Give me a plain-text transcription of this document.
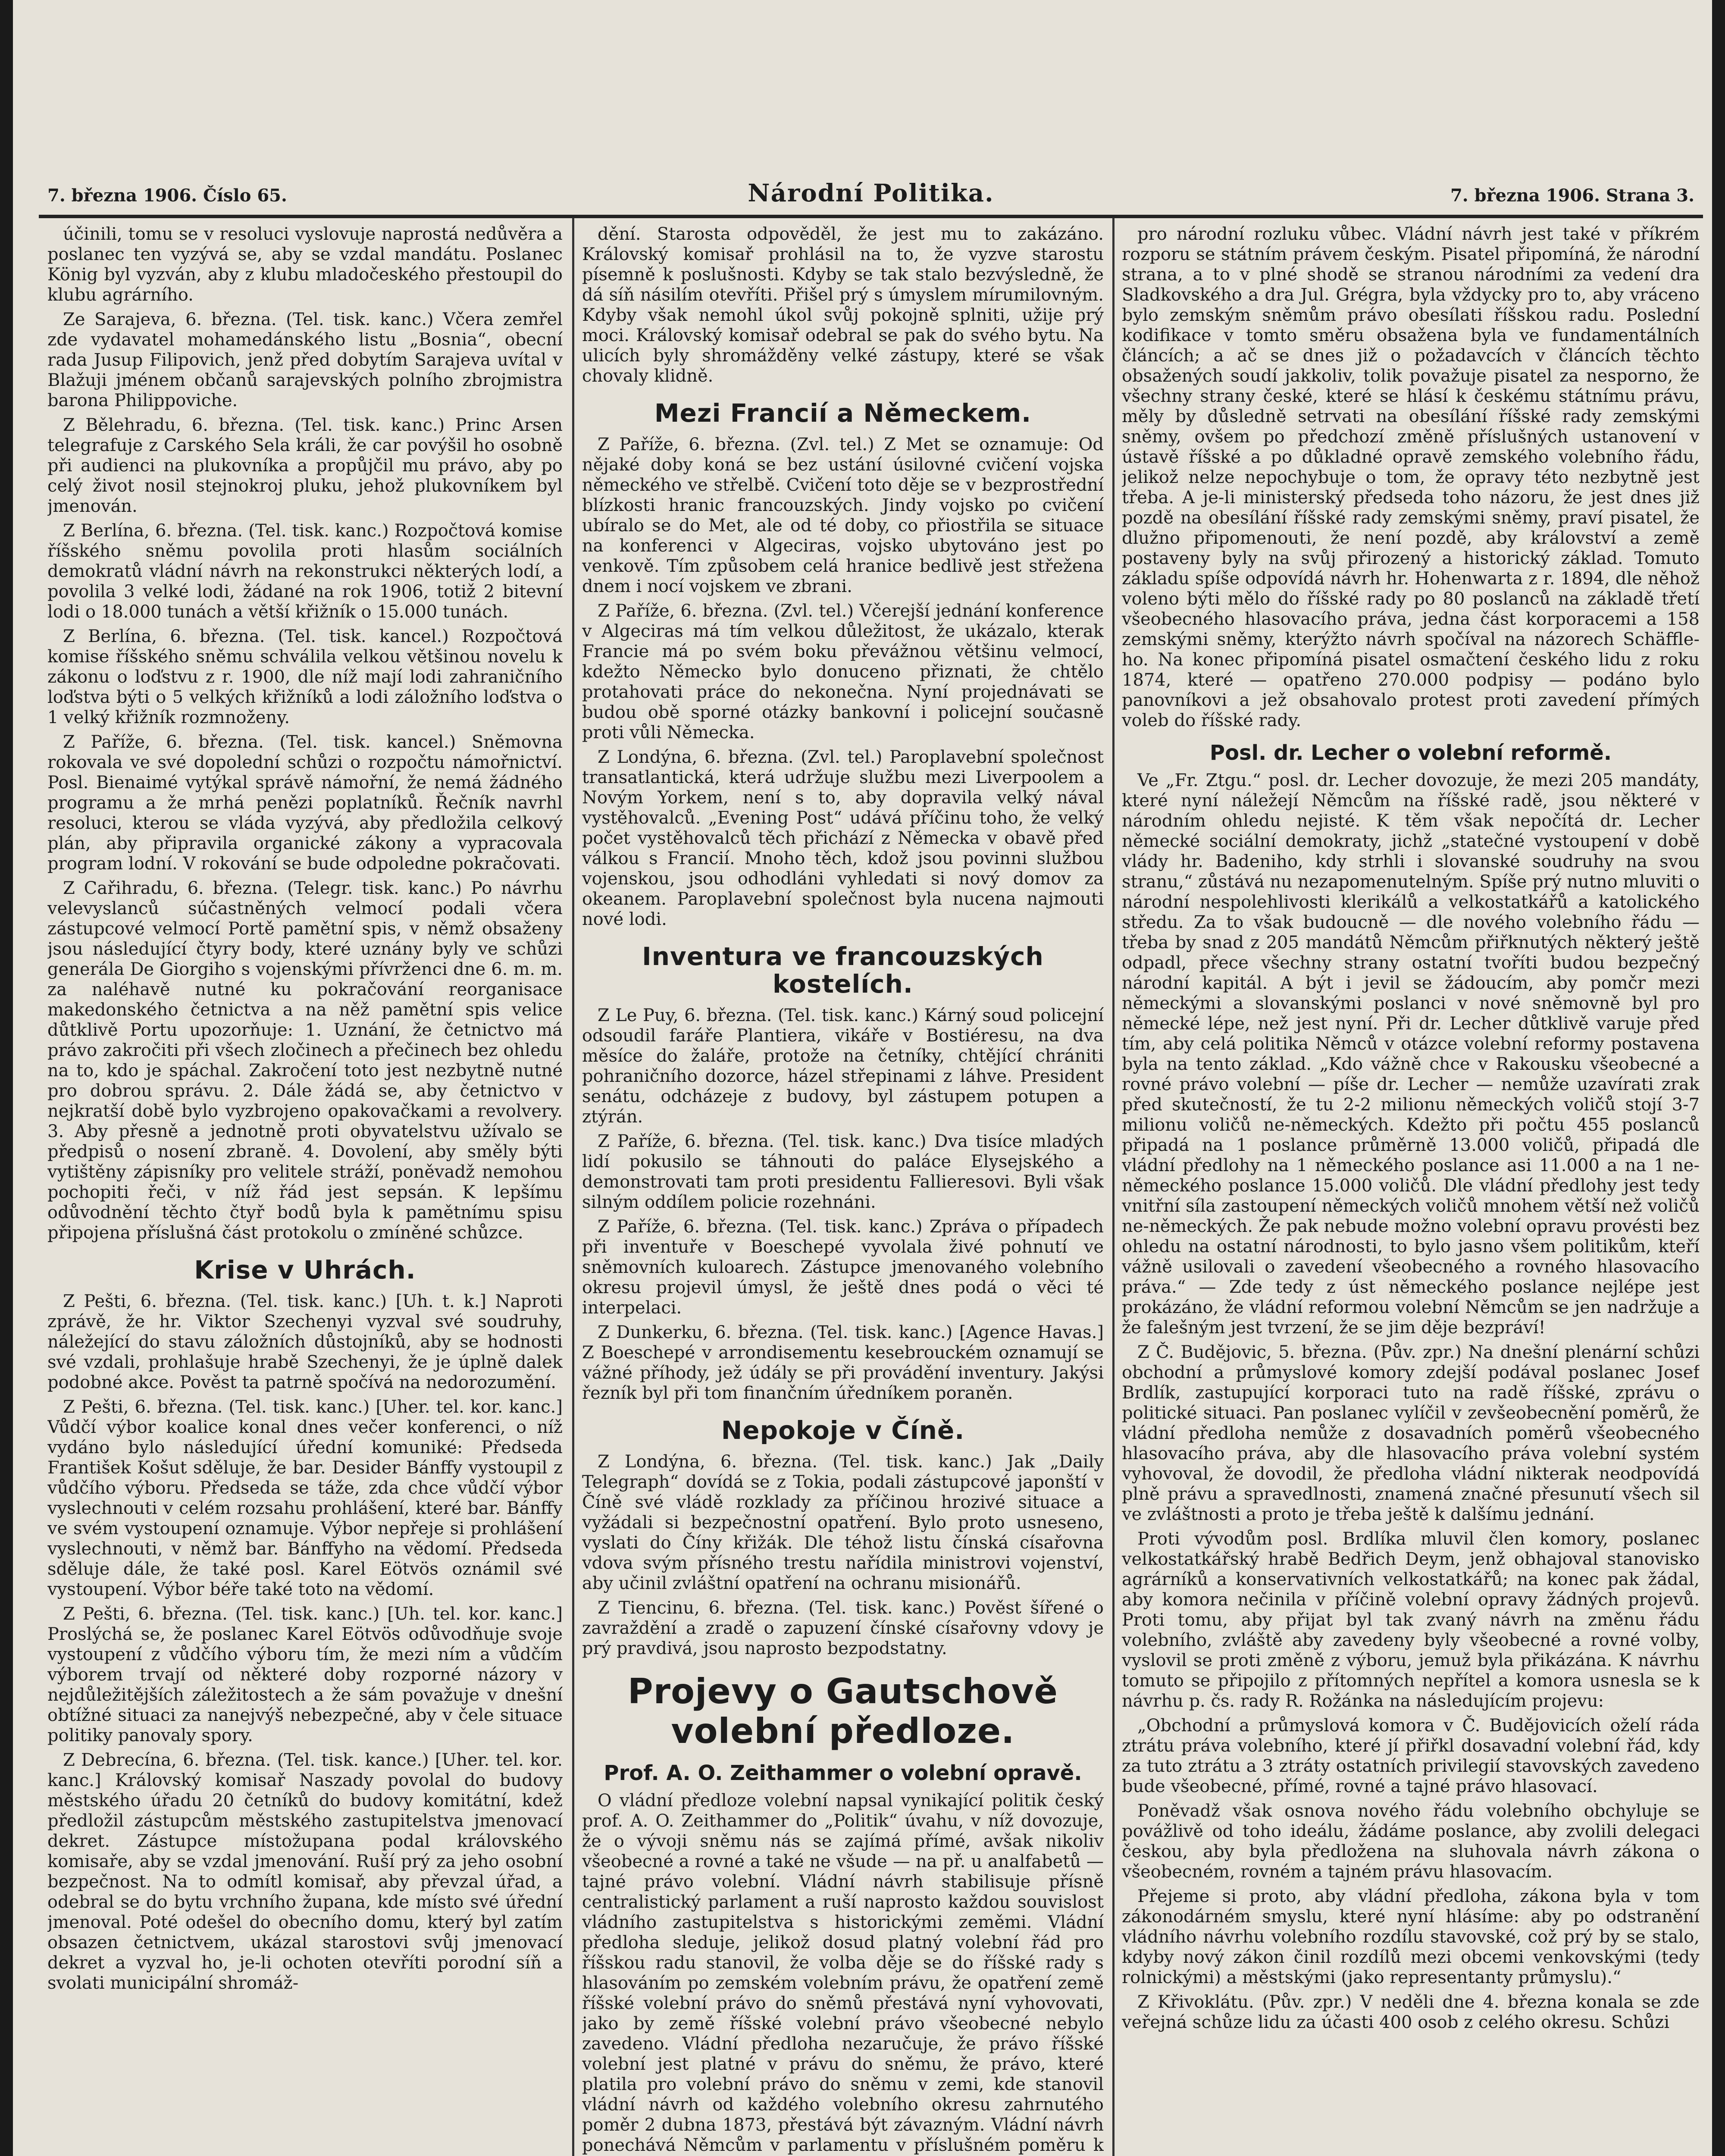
7. března 1906. Číslo 65.	Národní Politika.	7. března 1906. Strana 3.

účinili, tomu se v resoluci vyslovuje naprostá nedůvěra a poslanec ten vyzývá se, aby se vzdal mandátu. Poslanec König byl vyzván, aby z klubu mladočeského přestoupil do klubu agrárního.

Ze Sarajeva, 6. března. (Tel. tisk. kanc.) Včera zemřel zde vydavatel mohamedánského listu „Bosnia“, obecní rada Jusup Filipovich, jenž před dobytím Sarajeva uvítal v Blažuji jménem občanů sarajevských polního zbrojmistra barona Philippoviche.

Z Bělehradu, 6. března. (Tel. tisk. kanc.) Princ Arsen telegrafuje z Carského Sela králi, že car povýšil ho osobně při audienci na plukovníka a propůjčil mu právo, aby po celý život nosil stejnokroj pluku, jehož plukovníkem byl jmenován.

Z Berlína, 6. března. (Tel. tisk. kanc.) Rozpočtová komise říšského sněmu povolila proti hlasům sociálních demokratů vládní návrh na rekonstrukci některých lodí, a povolila 3 velké lodi, žádané na rok 1906, totiž 2 bitevní lodi o 18.000 tunách a větší křižník o 15.000 tunách.

Z Berlína, 6. března. (Tel. tisk. kancel.) Rozpočtová komise říšského sněmu schválila velkou většinou novelu k zákonu o loďstvu z r. 1900, dle níž mají lodi zahraničního loďstva býti o 5 velkých křižníků a lodi záložního loďstva o 1 velký křižník rozmnoženy.

Z Paříže, 6. března. (Tel. tisk. kancel.) Sněmovna rokovala ve své dopolední schůzi o rozpočtu námořnictví. Posl. Bienaimé vytýkal správě námořní, že nemá žádného programu a že mrhá penězi poplatníků. Řečník navrhl resoluci, kterou se vláda vyzývá, aby předložila celkový plán, aby připravila organické zákony a vypracovala program lodní. V rokování se bude odpoledne pokračovati.

Z Cařihradu, 6. března. (Telegr. tisk. kanc.) Po návrhu velevyslanců súčastněných velmocí podali včera zástupcové velmocí Portě pamětní spis, v němž obsaženy jsou následující čtyry body, které uznány byly ve schůzi generála De Giorgiho s vojenskými přívrženci dne 6. m. m. za naléhavě nutné ku pokračování reorganisace makedonského četnictva a na něž pamětní spis velice důtklivě Portu upozorňuje: 1. Uznání, že četnictvo má právo zakročiti při všech zločinech a přečinech bez ohledu na to, kdo je spáchal. Zakročení toto jest nezbytně nutné pro dobrou správu. 2. Dále žádá se, aby četnictvo v nejkratší době bylo vyzbrojeno opakovačkami a revolvery. 3. Aby přesně a jednotně proti obyvatelstvu užívalo se předpisů o nosení zbraně. 4. Dovolení, aby směly býti vytištěny zápisníky pro velitele stráží, poněvadž nemohou pochopiti řeči, v níž řád jest sepsán. K lepšímu odůvodnění těchto čtyř bodů byla k pamětnímu spisu připojena příslušná část protokolu o zmíněné schůzce.

Krise v Uhrách.

Z Pešti, 6. března. (Tel. tisk. kanc.) [Uh. t. k.] Naproti zprávě, že hr. Viktor Szechenyi vyzval své soudruhy, náležející do stavu záložních důstojníků, aby se hodnosti své vzdali, prohlašuje hrabě Szechenyi, že je úplně dalek podobné akce. Pověst ta patrně spočívá na nedorozumění.

Z Pešti, 6. března. (Tel. tisk. kanc.) [Uher. tel. kor. kanc.] Vůdčí výbor koalice konal dnes večer konferenci, o níž vydáno bylo následující úřední komuniké: Předseda František Košut sděluje, že bar. Desider Bánffy vystoupil z vůdčího výboru. Předseda se táže, zda chce vůdčí výbor vyslechnouti v celém rozsahu prohlášení, které bar. Bánffy ve svém vystoupení oznamuje. Výbor nepřeje si prohlášení vyslechnouti, v němž bar. Bánffyho na vědomí. Předseda sděluje dále, že také posl. Karel Eötvös oznámil své vystoupení. Výbor béře také toto na vědomí.

Z Pešti, 6. března. (Tel. tisk. kanc.) [Uh. tel. kor. kanc.] Proslýchá se, že poslanec Karel Eötvös odůvodňuje svoje vystoupení z vůdčího výboru tím, že mezi ním a vůdčím výborem trvají od některé doby rozporné názory v nejdůležitějších záležitostech a že sám považuje v dnešní obtížné situaci za nanejvýš nebezpečné, aby v čele situace politiky panovaly spory.

Z Debrecína, 6. března. (Tel. tisk. kance.) [Uher. tel. kor. kanc.] Královský komisař Naszady povolal do budovy městského úřadu 20 četníků do budovy komitátní, kdež předložil zástupcům městského zastupitelstva jmenovací dekret. Zástupce místožupana podal královského komisaře, aby se vzdal jmenování. Ruší prý za jeho osobní bezpečnost. Na to odmítl komisař, aby převzal úřad, a odebral se do bytu vrchního župana, kde místo své úřední jmenoval. Poté odešel do obecního domu, který byl zatím obsazen četnictvem, ukázal starostovi svůj jmenovací dekret a vyzval ho, je-li ochoten otevříti porodní síň a svolati municipální shromáž-

dění. Starosta odpověděl, že jest mu to zakázáno. Královský komisař prohlásil na to, že vyzve starostu písemně k poslušnosti. Kdyby se tak stalo bezvýsledně, že dá síň násilím otevříti. Přišel prý s úmyslem mírumilovným. Kdyby však nemohl úkol svůj pokojně splniti, užije prý moci. Královský komisař odebral se pak do svého bytu. Na ulicích byly shromážděny velké zástupy, které se však chovaly klidně.

Mezi Francií a Německem.

Z Paříže, 6. března. (Zvl. tel.) Z Met se oznamuje: Od nějaké doby koná se bez ustání úsilovné cvičení vojska německého ve střelbě. Cvičení toto děje se v bezprostřední blízkosti hranic francouzských. Jindy vojsko po cvičení ubíralo se do Met, ale od té doby, co přiostřila se situace na konferenci v Algeciras, vojsko ubytováno jest po venkově. Tím způsobem celá hranice bedlivě jest střežena dnem i nocí vojskem ve zbrani.

Z Paříže, 6. března. (Zvl. tel.) Včerejší jednání konference v Algeciras má tím velkou důležitost, že ukázalo, kterak Francie má po svém boku převážnou většinu velmocí, kdežto Německo bylo donuceno přiznati, že chtělo protahovati práce do nekonečna. Nyní projednávati se budou obě sporné otázky bankovní i policejní současně proti vůli Německa.

Z Londýna, 6. března. (Zvl. tel.) Paroplavební společnost transatlantická, která udržuje službu mezi Liverpoolem a Novým Yorkem, není s to, aby dopravila velký nával vystěhovalců. „Evening Post“ udává příčinu toho, že velký počet vystěhovalců těch přichází z Německa v obavě před válkou s Francií. Mnoho těch, kdož jsou povinni službou vojenskou, jsou odhodláni vyhledati si nový domov za okeanem. Paroplavební společnost byla nucena najmouti nové lodi.

Inventura ve francouzských kostelích.

Z Le Puy, 6. března. (Tel. tisk. kanc.) Kárný soud policejní odsoudil faráře Plantiera, vikáře v Bostiéresu, na dva měsíce do žaláře, protože na četníky, chtějící chrániti pohraničního dozorce, házel střepinami z láhve. President senátu, odcházeje z budovy, byl zástupem potupen a ztýrán.

Z Paříže, 6. března. (Tel. tisk. kanc.) Dva tisíce mladých lidí pokusilo se táhnouti do paláce Elysejského a demonstrovati tam proti presidentu Fallieresovi. Byli však silným oddílem policie rozehnáni.

Z Paříže, 6. března. (Tel. tisk. kanc.) Zpráva o případech při inventuře v Boeschepé vyvolala živé pohnutí ve sněmovních kuloarech. Zástupce jmenovaného volebního okresu projevil úmysl, že ještě dnes podá o věci té interpelaci.

Z Dunkerku, 6. března. (Tel. tisk. kanc.) [Agence Havas.] Z Boeschepé v arrondisementu kesebrouckém oznamují se vážné příhody, jež údály se při provádění inventury. Jakýsi řezník byl při tom finančním úředníkem poraněn.

Nepokoje v Číně.

Z Londýna, 6. března. (Tel. tisk. kanc.) Jak „Daily Telegraph“ dovídá se z Tokia, podali zástupcové japonští v Číně své vládě rozklady za příčinou hrozivé situace a vyžádali si bezpečnostní opatření. Bylo proto usneseno, vyslati do Číny křižák. Dle téhož listu čínská císařovna vdova svým přísného trestu nařídila ministrovi vojenství, aby učinil zvláštní opatření na ochranu misionářů.

Z Tiencinu, 6. března. (Tel. tisk. kanc.) Pověst šířené o zavraždění a zradě o zapuzení čínské císařovny vdovy je prý pravdivá, jsou naprosto bezpodstatny.

Projevy o Gautschově volební předloze.
Prof. A. O. Zeithammer o volební opravě.

O vládní předloze volební napsal vynikající politik český prof. A. O. Zeithammer do „Politik“ úvahu, v níž dovozuje, že o vývoji sněmu nás se zajímá přímé, avšak nikoliv všeobecné a rovné a také ne všude — na př. u analfabetů — tajné právo volební. Vládní návrh stabilisuje přísně centralistický parlament a ruší naprosto každou souvislost vládního zastupitelstva s historickými zeměmi. Vládní předloha sleduje, jelikož dosud platný volební řád pro říšskou radu stanovil, že volba děje se do říšské rady s hlasováním po zemském volebním právu, že opatření země říšské volební právo do sněmů přestává nyní vyhovovati, jako by země říšské volební právo všeobecné nebylo zavedeno. Vládní předloha nezaručuje, že právo říšské volební jest platné v právu do sněmu, že právo, které platila pro volební právo do sněmu v zemi, kde stanovil vládní návrh od každého volebního okresu zahrnutého poměr 2 dubna 1873, přestává být závazným. Vládní návrh ponechává Němcům v parlamentu v příslušném poměru k

pro národní rozluku vůbec. Vládní návrh jest také v příkrém rozporu se státním právem českým. Pisatel připomíná, že národní strana, a to v plné shodě se stranou národními za vedení dra Sladkovského a dra Jul. Grégra, byla vždycky pro to, aby vráceno bylo zemským sněmům právo obesílati říšskou radu. Poslední kodifikace v tomto směru obsažena byla ve fundamentálních článcích; a ač se dnes již o požadavcích v článcích těchto obsažených soudí jakkoliv, tolik považuje pisatel za nesporno, že všechny strany české, které se hlásí k českému státnímu právu, měly by důsledně setrvati na obesílání říšské rady zemskými sněmy, ovšem po předchozí změně příslušných ustanovení v ústavě říšské a po důkladné opravě zemského volebního řádu, jelikož nelze nepochybuje o tom, že opravy této nezbytně jest třeba. A je-li ministerský předseda toho názoru, že jest dnes již pozdě na obesílání říšské rady zemskými sněmy, praví pisatel, že dlužno připomenouti, že není pozdě, aby království a země postaveny byly na svůj přirozený a historický základ. Tomuto základu spíše odpovídá návrh hr. Hohenwarta z r. 1894, dle něhož voleno býti mělo do říšské rady po 80 poslanců na základě třetí všeobecného hlasovacího práva, jedna část korporacemi a 158 zemskými sněmy, kterýžto návrh spočíval na názorech Schäffle-ho. Na konec připomíná pisatel osmačtení českého lidu z roku 1874, které — opatřeno 270.000 podpisy — podáno bylo panovníkovi a jež obsahovalo protest proti zavedení přímých voleb do říšské rady.

Posl. dr. Lecher o volební reformě.

Ve „Fr. Ztgu.“ posl. dr. Lecher dovozuje, že mezi 205 mandáty, které nyní náležejí Němcům na říšské radě, jsou některé v národním ohledu nejisté. K těm však nepočítá dr. Lecher německé sociální demokraty, jichž „statečné vystoupení v době vlády hr. Badeniho, kdy strhli i slovanské soudruhy na svou stranu,“ zůstává nu nezapomenutelným. Spíše prý nutno mluviti o národní nespolehlivosti klerikálů a velkostatkářů a katolického středu. Za to však budoucně — dle nového volebního řádu — třeba by snad z 205 mandátů Němcům přiřknutých některý ještě odpadl, přece všechny strany ostatní tvoříti budou bezpečný národní kapitál. A být i jevil se žádoucím, aby pomčr mezi německými a slovanskými poslanci v nové sněmovně byl pro německé lépe, než jest nyní. Při dr. Lecher důtklivě varuje před tím, aby celá politika Němců v otázce volební reformy postavena byla na tento základ. „Kdo vážně chce v Rakousku všeobecné a rovné právo volební — píše dr. Lecher — nemůže uzavírati zrak před skutečností, že tu 2-2 milionu německých voličů stojí 3-7 milionu voličů ne-německých. Kdežto při počtu 455 poslanců připadá na 1 poslance průměrně 13.000 voličů, připadá dle vládní předlohy na 1 německého poslance asi 11.000 a na 1 ne-německého poslance 15.000 voličů. Dle vládní předlohy jest tedy vnitřní síla zastoupení německých voličů mnohem větší než voličů ne-německých. Že pak nebude možno volební opravu provésti bez ohledu na ostatní národnosti, to bylo jasno všem politikům, kteří vážně usilovali o zavedení všeobecného a rovného hlasovacího práva.“ — Zde tedy z úst německého poslance nejlépe jest prokázáno, že vládní reformou volební Němcům se jen nadržuje a že falešným jest tvrzení, že se jim děje bezpráví!

Z Č. Budějovic, 5. března. (Pův. zpr.) Na dnešní plenární schůzi obchodní a průmyslové komory zdejší podával poslanec Josef Brdlík, zastupující korporaci tuto na radě říšské, zprávu o politické situaci. Pan poslanec vylíčil v zevšeobecnění poměrů, že vládní předloha nemůže z dosavadních poměrů všeobecného hlasovacího práva, aby dle hlasovacího práva volební systém vyhovoval, že dovodil, že předloha vládní nikterak neodpovídá plně právu a spravedlnosti, znamená značné přesunutí všech sil ve zvláštnosti a proto je třeba ještě k dalšímu jednání.

Proti vývodům posl. Brdlíka mluvil člen komory, poslanec velkostatkářský hrabě Bedřich Deym, jenž obhajoval stanovisko agrárníků a konservativních velkostatkářů; na konec pak žádal, aby komora nečinila v příčině volební opravy žádných projevů. Proti tomu, aby přijat byl tak zvaný návrh na změnu řádu volebního, zvláště aby zavedeny byly všeobecné a rovné volby, vyslovil se proti změně z výboru, jemuž byla přikázána. K návrhu tomuto se připojilo z přítomných nepřítel a komora usnesla se k návrhu p. čs. rady R. Rožánka na následujícím projevu:

„Obchodní a průmyslová komora v Č. Budějovicích oželí ráda ztrátu práva volebního, které jí přiřkl dosavadní volební řád, kdy za tuto ztrátu a 3 ztráty ostatních privilegií stavovských zavedeno bude všeobecné, přímé, rovné a tajné právo hlasovací.

Poněvadž však osnova nového řádu volebního obchyluje se povážlivě od toho ideálu, žádáme poslance, aby zvolili delegaci českou, aby byla předložena na sluhovala návrh zákona o všeobecném, rovném a tajném právu hlasovacím.

Přejeme si proto, aby vládní předloha, zákona byla v tom zákonodárném smyslu, které nyní hlásíme: aby po odstranění vládního návrhu volebního rozdílu stavovské, což prý by se stalo, kdyby nový zákon činil rozdílů mezi obcemi venkovskými (tedy rolnickými) a městskými (jako representanty průmyslu).“

Z Křivoklátu. (Pův. zpr.) V neděli dne 4. března konala se zde veřejná schůze lidu za účasti 400 osob z celého okresu. Schůzi
